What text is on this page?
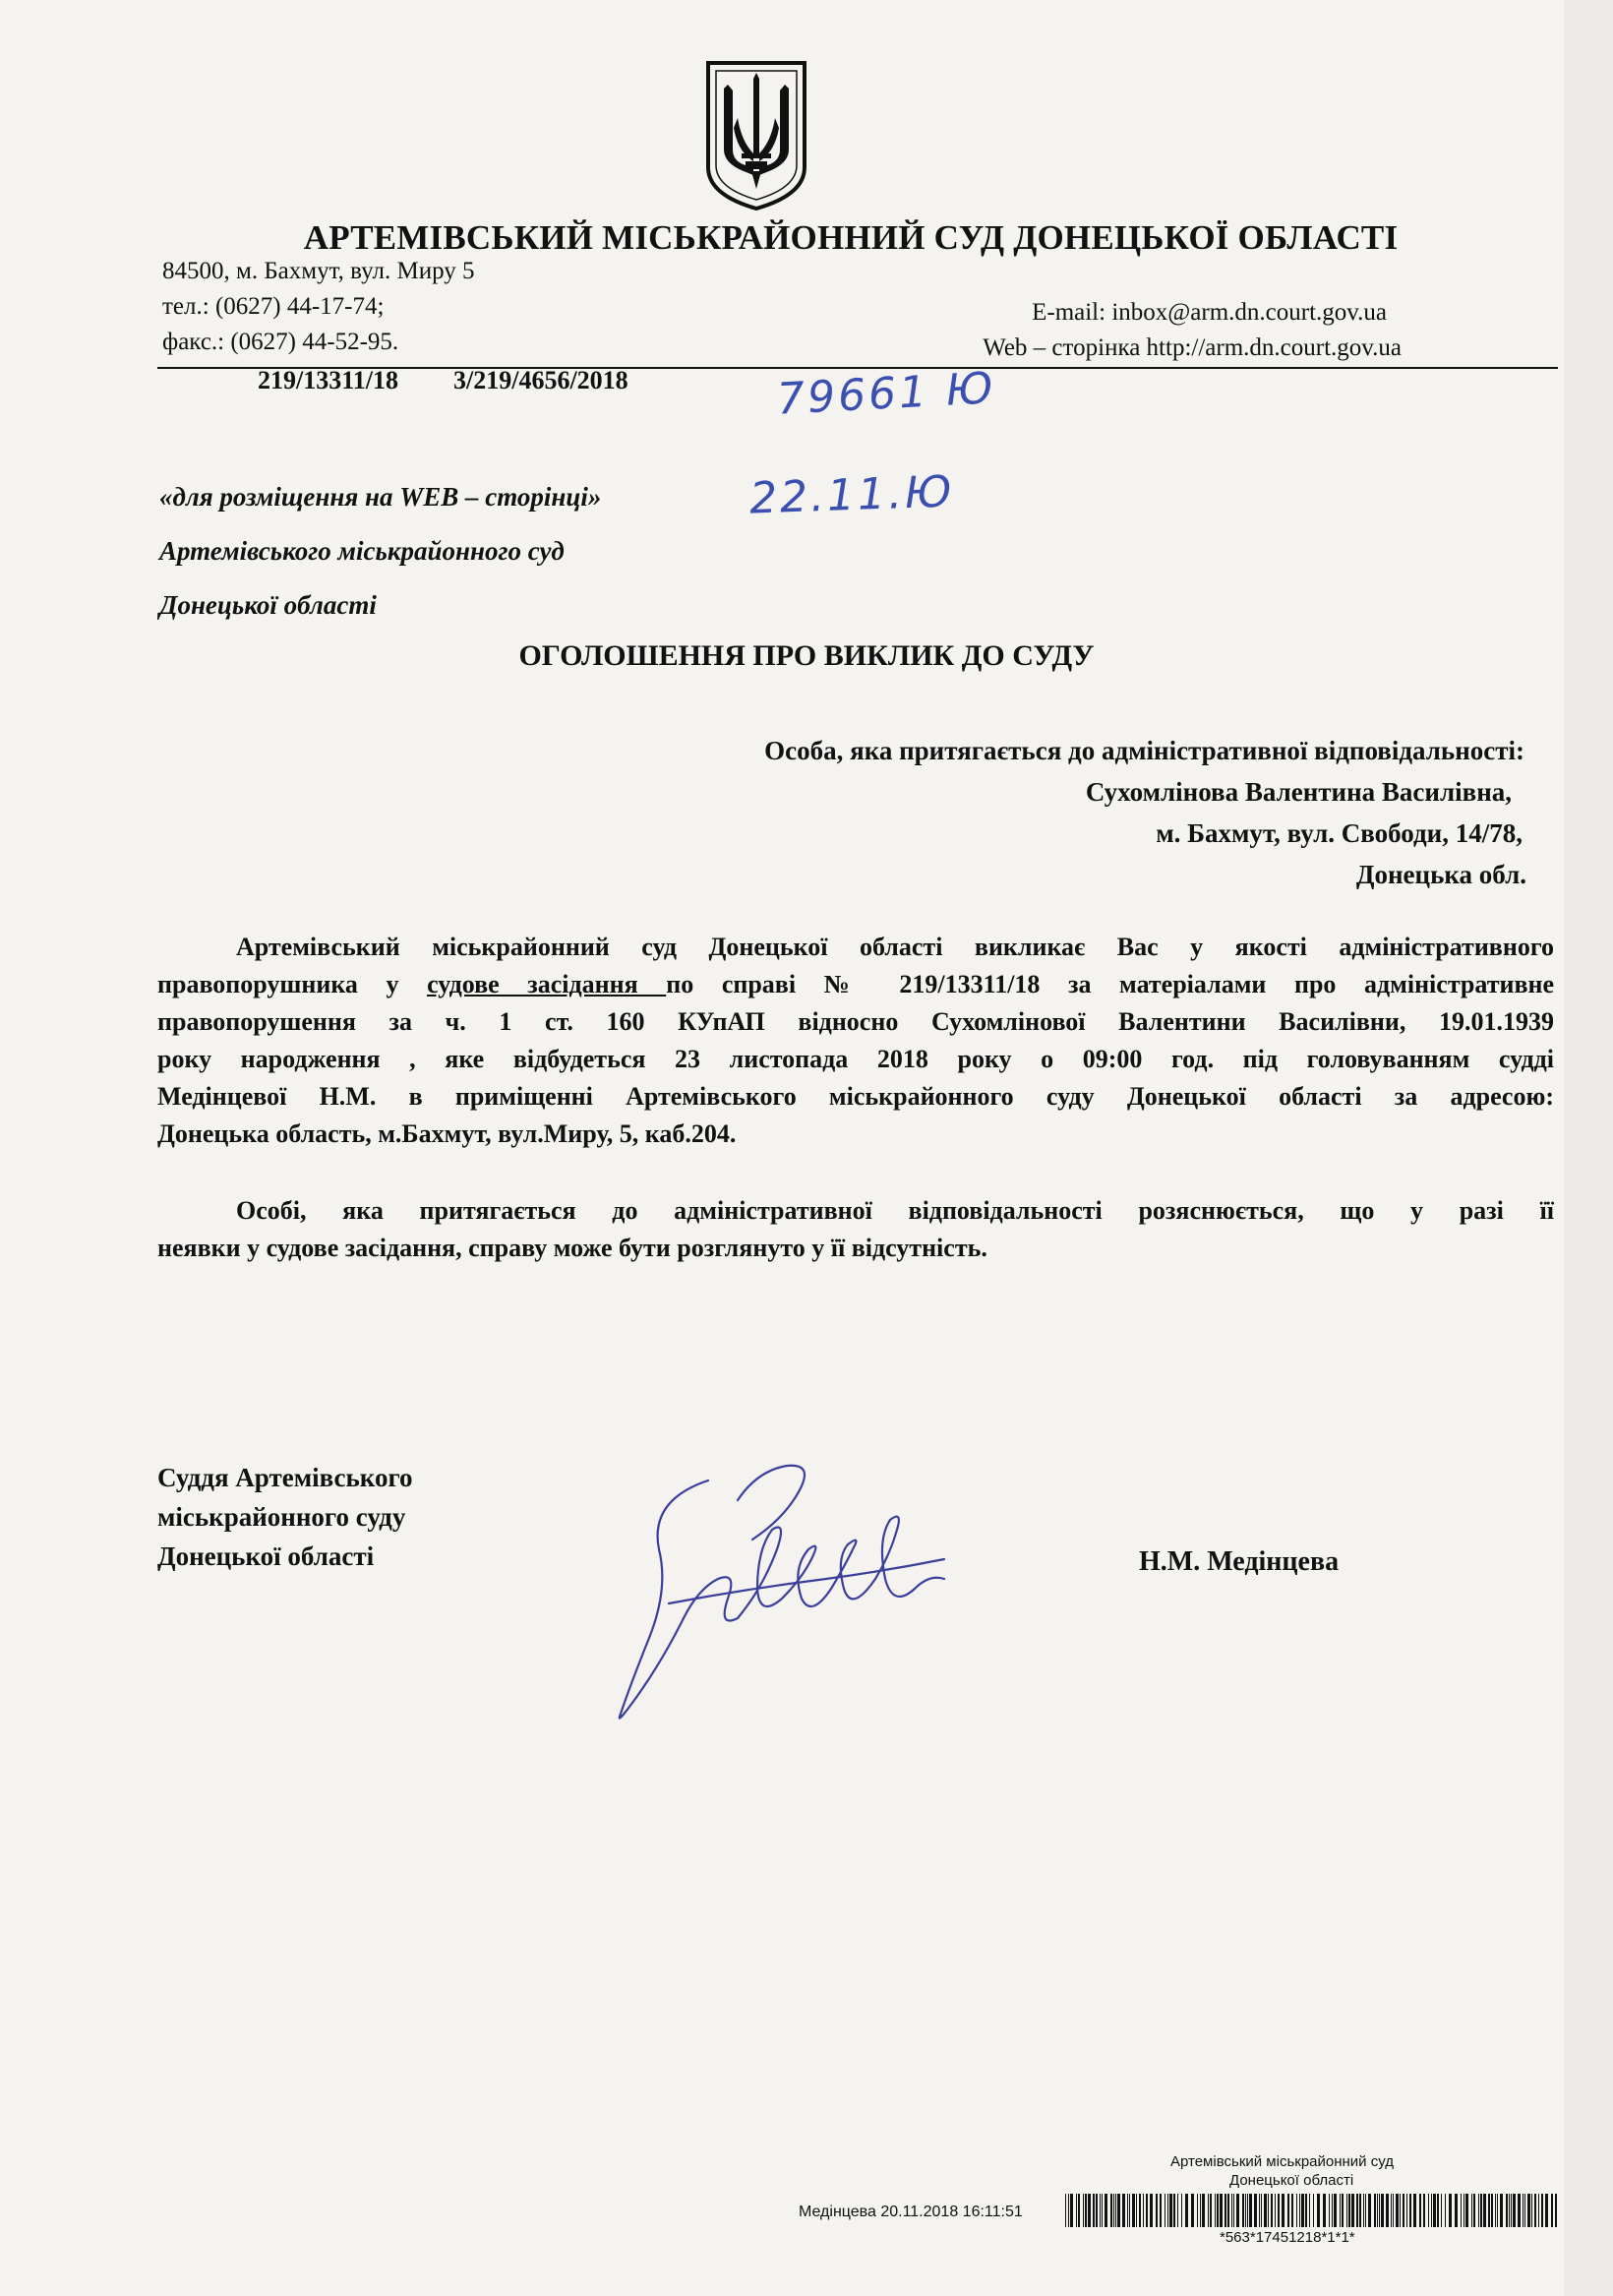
АРТЕМІВСЬКИЙ МІСЬКРАЙОННИЙ СУД ДОНЕЦЬКОЇ ОБЛАСТІ
84500, м. Бахмут, вул. Миру 5
тел.: (0627) 44-17-74;
факс.: (0627) 44-52-95.
E-mail: inbox@arm.dn.court.gov.ua
Web – сторінка http://arm.dn.court.gov.ua
219/13311/18 3/219/4656/2018	79661 Ю
22.11.Ю
«для розміщення на WEB – сторінці»
Артемівського міськрайонного суд
Донецької області
ОГОЛОШЕННЯ ПРО ВИКЛИК ДО СУДУ
Особа, яка притягається до адміністративної відповідальності:
Сухомлінова Валентина Василівна,
м. Бахмут, вул. Свободи, 14/78,
Донецька обл.
Артемівський міськрайонний суд Донецької області викликає Вас у якості адміністративного
правопорушника у судове засідання по справі № 219/13311/18 за матеріалами про адміністративне
правопорушення за ч. 1 ст. 160 КУпАП відносно Сухомлінової Валентини Василівни, 19.01.1939
року народження , яке відбудеться 23 листопада 2018 року о 09:00 год. під головуванням судді
Медінцевої Н.М. в приміщенні Артемівського міськрайонного суду Донецької області за адресою:
Донецька область, м.Бахмут, вул.Миру, 5, каб.204.
Особі, яка притягається до адміністративної відповідальності розяснюється, що у разі її
неявки у судове засідання, справу може бути розглянуто у її відсутність.
Суддя Артемівського
міськрайонного суду
Донецької області	Н.М. Медінцева
Артемівський міськрайонний суд
Донецької області
Медінцева 20.11.2018 16:11:51
*563*17451218*1*1*
